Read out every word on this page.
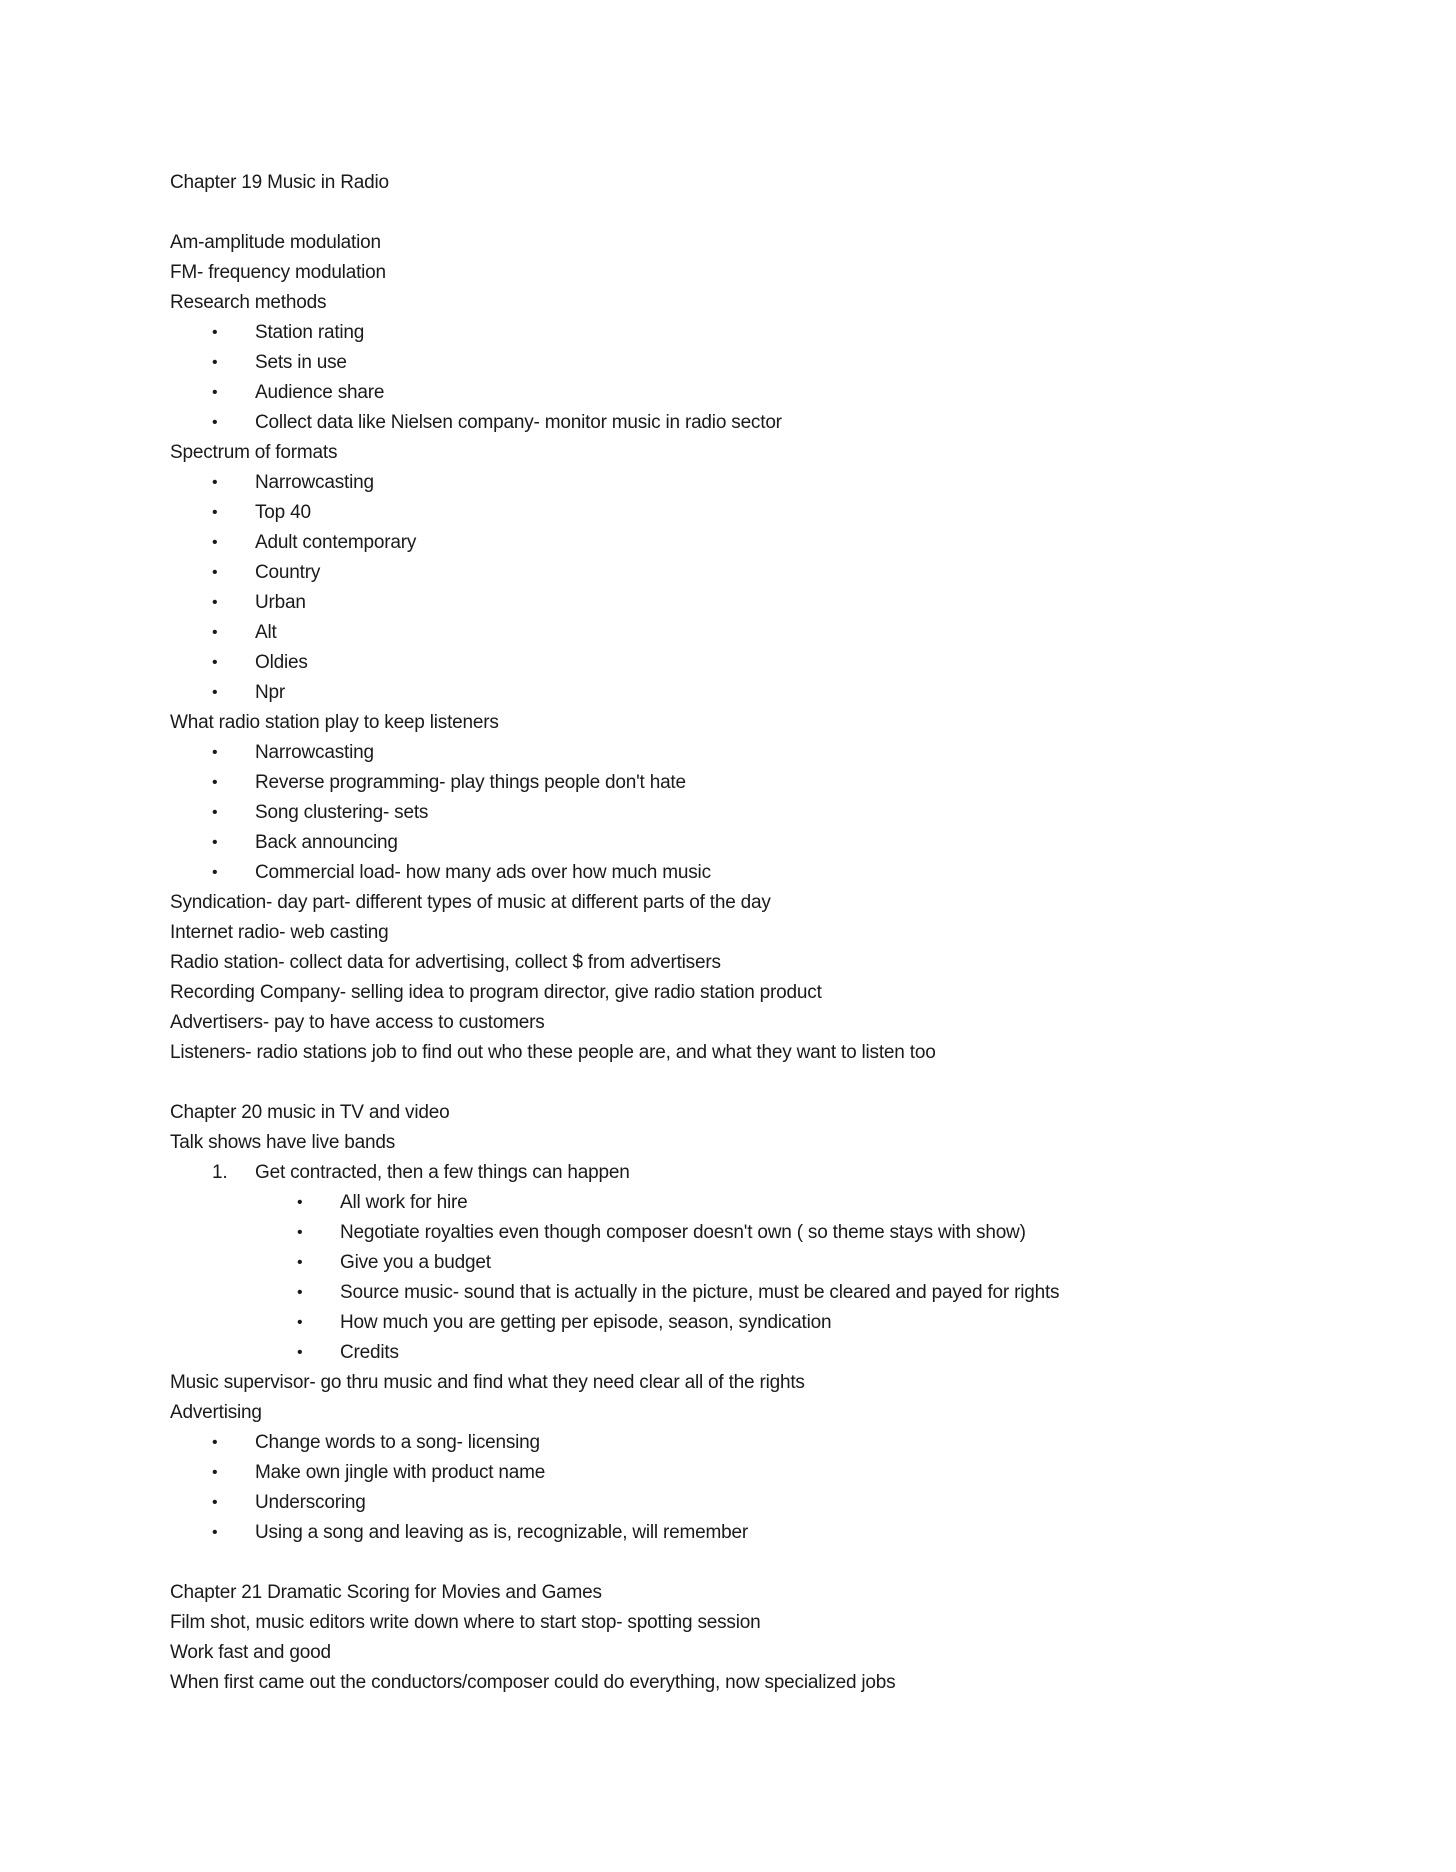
Chapter 19 Music in Radio
Am-amplitude modulation
FM- frequency modulation
Research methods
• Station rating
• Sets in use
• Audience share
• Collect data like Nielsen company- monitor music in radio sector
Spectrum of formats
• Narrowcasting
• Top 40
• Adult contemporary
• Country
• Urban
• Alt
• Oldies
• Npr
What radio station play to keep listeners
• Narrowcasting
• Reverse programming- play things people don't hate
• Song clustering- sets
• Back announcing
• Commercial load- how many ads over how much music
Syndication- day part- different types of music at different parts of the day
Internet radio- web casting
Radio station- collect data for advertising, collect $ from advertisers
Recording Company- selling idea to program director, give radio station product
Advertisers- pay to have access to customers
Listeners- radio stations job to find out who these people are, and what they want to listen too
Chapter 20 music in TV and video
Talk shows have live bands
1. Get contracted, then a few things can happen
• All work for hire
• Negotiate royalties even though composer doesn't own ( so theme stays with show)
• Give you a budget
• Source music- sound that is actually in the picture, must be cleared and payed for rights
• How much you are getting per episode, season, syndication
• Credits
Music supervisor- go thru music and find what they need clear all of the rights
Advertising
• Change words to a song- licensing
• Make own jingle with product name
• Underscoring
• Using a song and leaving as is, recognizable, will remember
Chapter 21 Dramatic Scoring for Movies and Games
Film shot, music editors write down where to start stop- spotting session
Work fast and good
When first came out the conductors/composer could do everything, now specialized jobs
